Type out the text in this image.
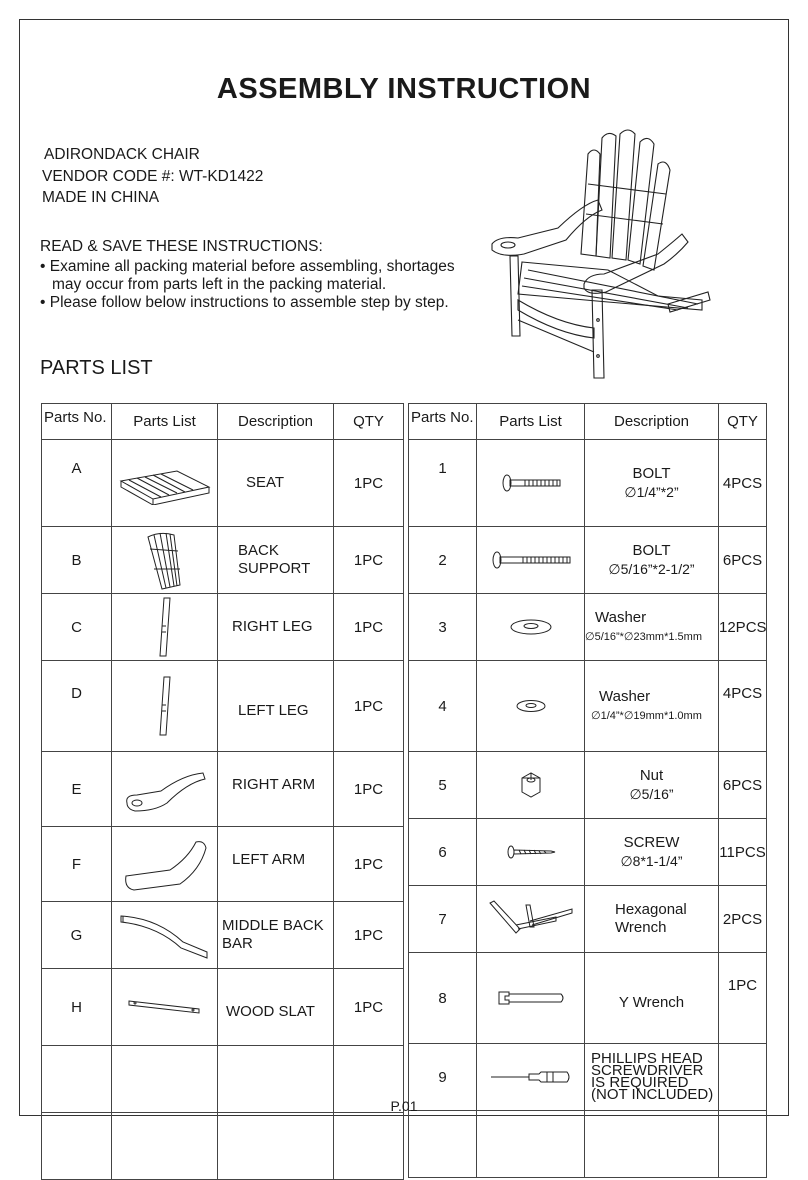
ASSEMBLY INSTRUCTION
ADIRONDACK CHAIR
VENDOR CODE #: WT-KD1422
MADE IN CHINA
READ & SAVE THESE INSTRUCTIONS:
• Examine all packing material before assembling, shortages
may occur from parts left in the packing material.
• Please follow below instructions to assemble step by step.
PARTS LIST
Parts No.	Parts List	Description	QTY
A		SEAT	1PC
B		BACK
SUPPORT	1PC
C		RIGHT LEG	1PC
D		LEFT LEG	1PC
E		RIGHT ARM	1PC
F		LEFT ARM	1PC
G		MIDDLE BACK
BAR	1PC
H		WOOD SLAT	1PC

Parts No.	Parts List	Description	QTY
1		BOLT
∅1/4”*2”	4PCS
2		BOLT
∅5/16”*2-1/2”	6PCS
3		Washer
∅5/16”*∅23mm*1.5mm	12PCS
4		Washer
∅1/4”*∅19mm*1.0mm	4PCS
5		Nut
∅5/16”	6PCS
6		SCREW
∅8*1-1/4”	11PCS
7		Hexagonal
Wrench	2PCS
8		Y Wrench	1PC
9		PHILLIPS HEAD SCREWDRIVER IS REQUIRED (NOT INCLUDED)	

P.01
